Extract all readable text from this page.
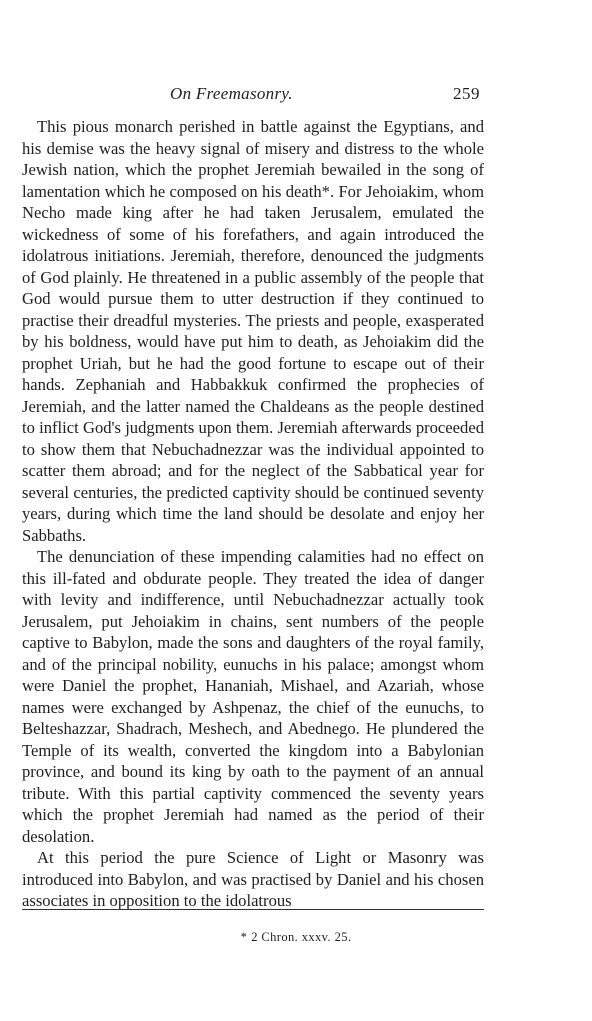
On Freemasonry.	259

This pious monarch perished in battle against the Egyptians, and his demise was the heavy signal of misery and distress to the whole Jewish nation, which the prophet Jeremiah bewailed in the song of lamentation which he composed on his death*. For Jehoiakim, whom Necho made king after he had taken Jerusalem, emulated the wickedness of some of his forefathers, and again introduced the idolatrous initiations. Jeremiah, therefore, denounced the judgments of God plainly. He threatened in a public assembly of the people that God would pursue them to utter destruction if they continued to practise their dreadful mysteries. The priests and people, exasperated by his boldness, would have put him to death, as Jehoiakim did the prophet Uriah, but he had the good fortune to escape out of their hands. Zephaniah and Habbakkuk confirmed the prophecies of Jeremiah, and the latter named the Chaldeans as the people destined to inflict God's judgments upon them. Jeremiah afterwards proceeded to show them that Nebuchadnezzar was the individual appointed to scatter them abroad; and for the neglect of the Sabbatical year for several centuries, the predicted captivity should be continued seventy years, during which time the land should be desolate and enjoy her Sabbaths.

The denunciation of these impending calamities had no effect on this ill-fated and obdurate people. They treated the idea of danger with levity and indifference, until Nebuchadnezzar actually took Jerusalem, put Jehoiakim in chains, sent numbers of the people captive to Babylon, made the sons and daughters of the royal family, and of the principal nobility, eunuchs in his palace; amongst whom were Daniel the prophet, Hananiah, Mishael, and Azariah, whose names were exchanged by Ashpenaz, the chief of the eunuchs, to Belteshazzar, Shadrach, Meshech, and Abednego. He plundered the Temple of its wealth, converted the kingdom into a Babylonian province, and bound its king by oath to the payment of an annual tribute. With this partial captivity commenced the seventy years which the prophet Jeremiah had named as the period of their desolation.

At this period the pure Science of Light or Masonry was introduced into Babylon, and was practised by Daniel and his chosen associates in opposition to the idolatrous

* 2 Chron. xxxv. 25.
